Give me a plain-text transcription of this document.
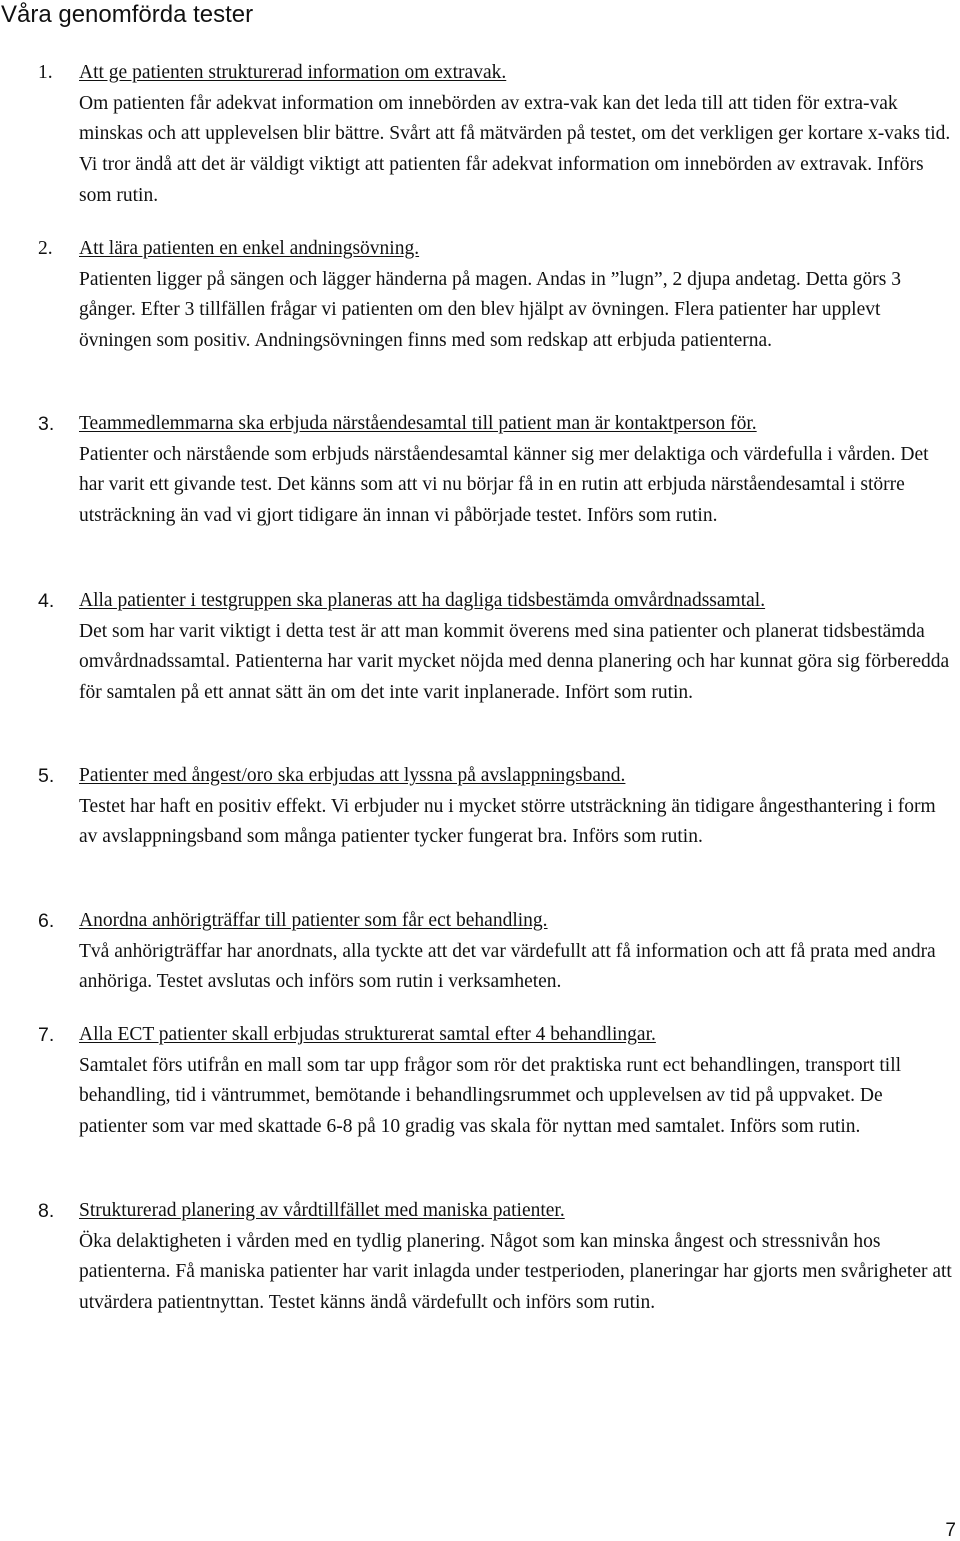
Våra genomförda tester
1. Att ge patienten strukturerad information om extravak.
Om patienten får adekvat information om innebörden av extra-vak kan det leda till att tiden för extra-vak minskas och att upplevelsen blir bättre. Svårt att få mätvärden på testet, om det verkligen ger kortare x-vaks tid. Vi tror ändå att det är väldigt viktigt att patienten får adekvat information om innebörden av extravak. Införs som rutin.
2. Att lära patienten en enkel andningsövning.
Patienten ligger på sängen och lägger händerna på magen. Andas in ”lugn”, 2 djupa andetag. Detta görs 3 gånger. Efter 3 tillfällen frågar vi patienten om den blev hjälpt av övningen. Flera patienter har upplevt övningen som positiv. Andningsövningen finns med som redskap att erbjuda patienterna.
3. Teammedlemmarna ska erbjuda närståendesamtal till patient man är kontaktperson för.
Patienter och närstående som erbjuds närståendesamtal känner sig mer delaktiga och värdefulla i vården. Det har varit ett givande test. Det känns som att vi nu börjar få in en rutin att erbjuda närståendesamtal i större utsträckning än vad vi gjort tidigare än innan vi påbörjade testet. Införs som rutin.
4. Alla patienter i testgruppen ska planeras att ha dagliga tidsbestämda omvårdnadssamtal.
Det som har varit viktigt i detta test är att man kommit överens med sina patienter och planerat tidsbestämda omvårdnadssamtal. Patienterna har varit mycket nöjda med denna planering och har kunnat göra sig förberedda för samtalen på ett annat sätt än om det inte varit inplanerade. Infört som rutin.
5. Patienter med ångest/oro ska erbjudas att lyssna på avslappningsband.
Testet har haft en positiv effekt. Vi erbjuder nu i mycket större utsträckning än tidigare ångesthantering i form av avslappningsband som många patienter tycker fungerat bra. Införs som rutin.
6. Anordna anhörigträffar till patienter som får ect behandling.
Två anhörigträffar har anordnats, alla tyckte att det var värdefullt att få information och att få prata med andra anhöriga. Testet avslutas och införs som rutin i verksamheten.
7. Alla ECT patienter skall erbjudas strukturerat samtal efter 4 behandlingar.
Samtalet förs utifrån en mall som tar upp frågor som rör det praktiska runt ect behandlingen, transport till behandling, tid i väntrummet, bemötande i behandlingsrummet och upplevelsen av tid på uppvaket. De patienter som var med skattade 6-8 på 10 gradig vas skala för nyttan med samtalet. Införs som rutin.
8. Strukturerad planering av vårdtillfället med maniska patienter.
Öka delaktigheten i vården med en tydlig planering. Något som kan minska ångest och stressnivån hos patienterna. Få maniska patienter har varit inlagda under testperioden, planeringar har gjorts men svårigheter att utvärdera patientnyttan. Testet känns ändå värdefullt och införs som rutin.
7
